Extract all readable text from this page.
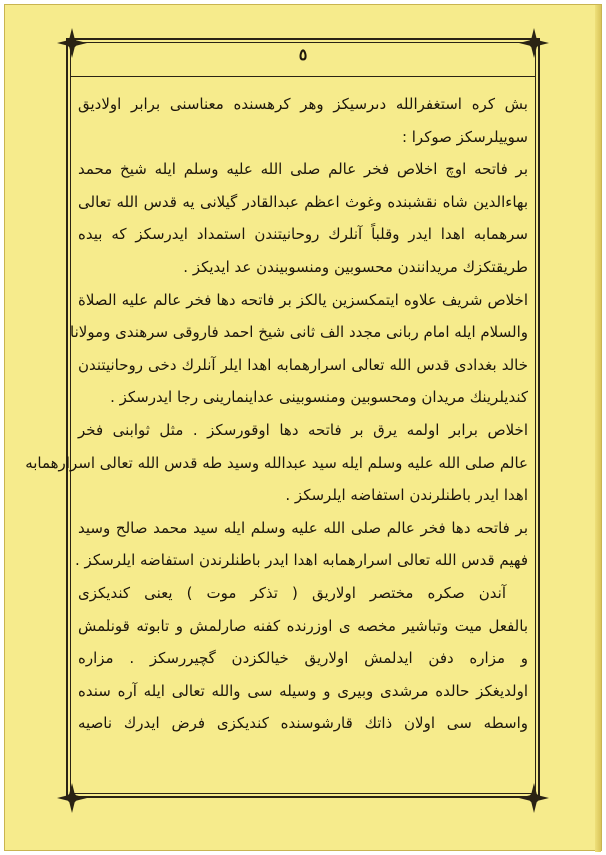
٥
بش كره استغفرالله دىرسيكز وهر كرهسنده معناسنى برابر اولاديق
سوييلرسكز صوكرا :
بر فاتحه اوچ اخلاص فخر عالم صلى الله عليه وسلم ايله شيخ محمد
بهاءالدين شاه نقشبنده وغوث اعظم عبدالقادر گيلانى يه قدس الله تعالى
سرهمابه اهدا ايدر وقلباً آنلرك روحانيتندن استمداد ايدرسكز كه بيده
طريقتكزك مريدانندن محسوبين ومنسوبيندن عد ايديكز .
اخلاص شريف علاوه ايتمكسزين يالكز بر فاتحه دها فخر عالم عليه الصلاة
والسلام ايله امام ربانى مجدد الف ثانى شيخ احمد فاروقى سرهندى ومولانا
خالد بغدادى قدس الله تعالى اسرارهمابه اهدا ايلر آنلرك دخى روحانيتندن
كنديلرينك مريدان ومحسوبين ومنسوبينى عداينمارينى رجا ايدرسكز .
اخلاص برابر اولمه يرق بر فاتحه دها اوقورسكز . مثل ثوابنى فخر
عالم صلى الله عليه وسلم ايله سيد عبدالله وسيد طه قدس الله تعالى اسرارهمابه
اهدا ايدر باطنلرندن استفاضه ايلرسكز .
بر فاتحه دها فخر عالم صلى الله عليه وسلم ايله سيد محمد صالح وسيد
فهيم قدس الله تعالى اسرارهمابه اهدا ايدر باطنلرندن استفاضه ايلرسكز .
آندن صكره مختصر اولاريق ( تذكر موت ) يعنى كنديكزى
بالفعل ميت وتباشير مخصه ى اوزرنده كفنه صارلمش و تابوته قونلمش
و مزاره دفن ايدلمش اولاريق خيالكزدن گچيررسكز . مزاره
اولديغكز حالده مرشدى وبيرى و وسيله سى والله تعالى ايله آره سنده
واسطه سى اولان ذاتك قارشوسنده كنديكزى فرض ايدرك ناصيه
